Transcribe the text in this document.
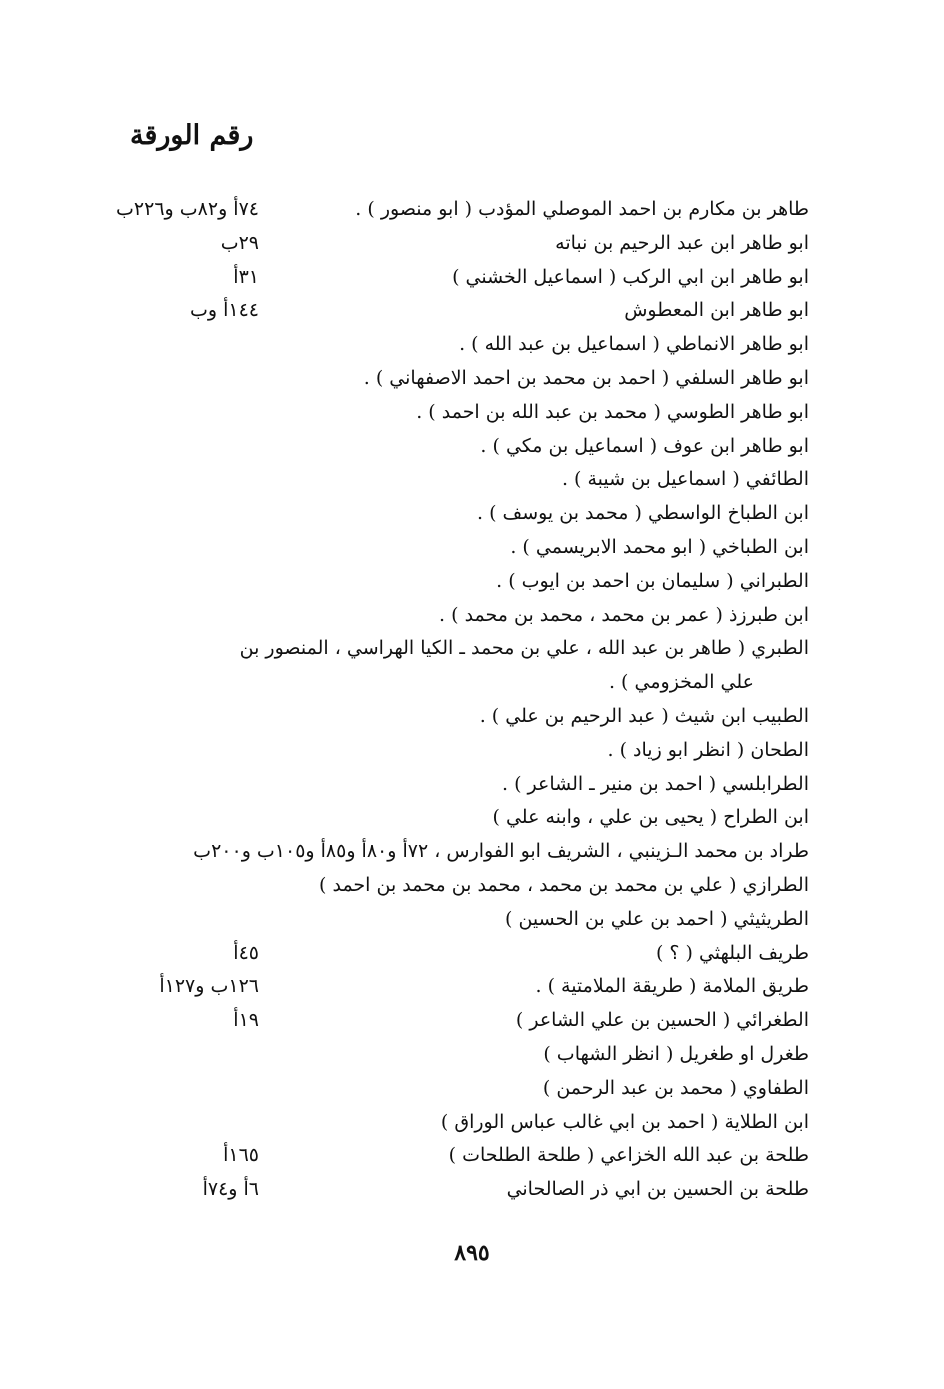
رقم الورقة
طاهر بن مكارم بن احمد الموصلي المؤدب ( ابو منصور ) .
٧٤أ و٨٢ب و٢٢٦ب
ابو طاهر ابن عبد الرحيم بن نباته
٢٩ب
ابو طاهر ابن ابي الركب ( اسماعيل الخشني )
٣١أ
ابو طاهر ابن المعطوش
١٤٤أ وب
ابو طاهر الانماطي ( اسماعيل بن عبد الله ) .
ابو طاهر السلفي ( احمد بن محمد بن احمد الاصفهاني ) .
ابو طاهر الطوسي ( محمد بن عبد الله بن احمد ) .
ابو طاهر ابن عوف ( اسماعيل بن مكي ) .
الطائفي ( اسماعيل بن شيبة ) .
ابن الطباخ الواسطي ( محمد بن يوسف ) .
ابن الطباخي ( ابو محمد الابريسمي ) .
الطبراني ( سليمان بن احمد بن ايوب ) .
ابن طبرزذ ( عمر بن محمد ، محمد بن محمد ) .
الطبري ( طاهر بن عبد الله ، علي بن محمد ـ الكيا الهراسي ، المنصور بن
علي المخزومي ) .
الطبيب ابن شيث ( عبد الرحيم بن علي ) .
الطحان ( انظر ابو زياد ) .
الطرابلسي ( احمد بن منير ـ الشاعر ) .
ابن الطراح ( يحيى بن علي ، وابنه علي )
طراد بن محمد الـزينبي ، الشريف ابو الفوارس ، ٧٢أ و٨٠أ و٨٥أ و١٠٥ب و٢٠٠ب
الطرازي ( علي بن محمد بن محمد ، محمد بن محمد بن احمد )
الطريثيثي ( احمد بن علي بن الحسين )
طريف البلهثي ( ؟ )
٤٥أ
طريق الملامة ( طريقة الملامتية ) .
١٢٦ب و١٢٧أ
الطغرائي ( الحسين بن علي الشاعر )
١٩أ
طغرل او طغريل ( انظر الشهاب )
الطفاوي ( محمد بن عبد الرحمن )
ابن الطلاية ( احمد بن ابي غالب عباس الوراق )
طلحة بن عبد الله الخزاعي ( طلحة الطلحات )
١٦٥أ
طلحة بن الحسين بن ابي ذر الصالحاني
٦أ و٧٤أ
٨٩٥
